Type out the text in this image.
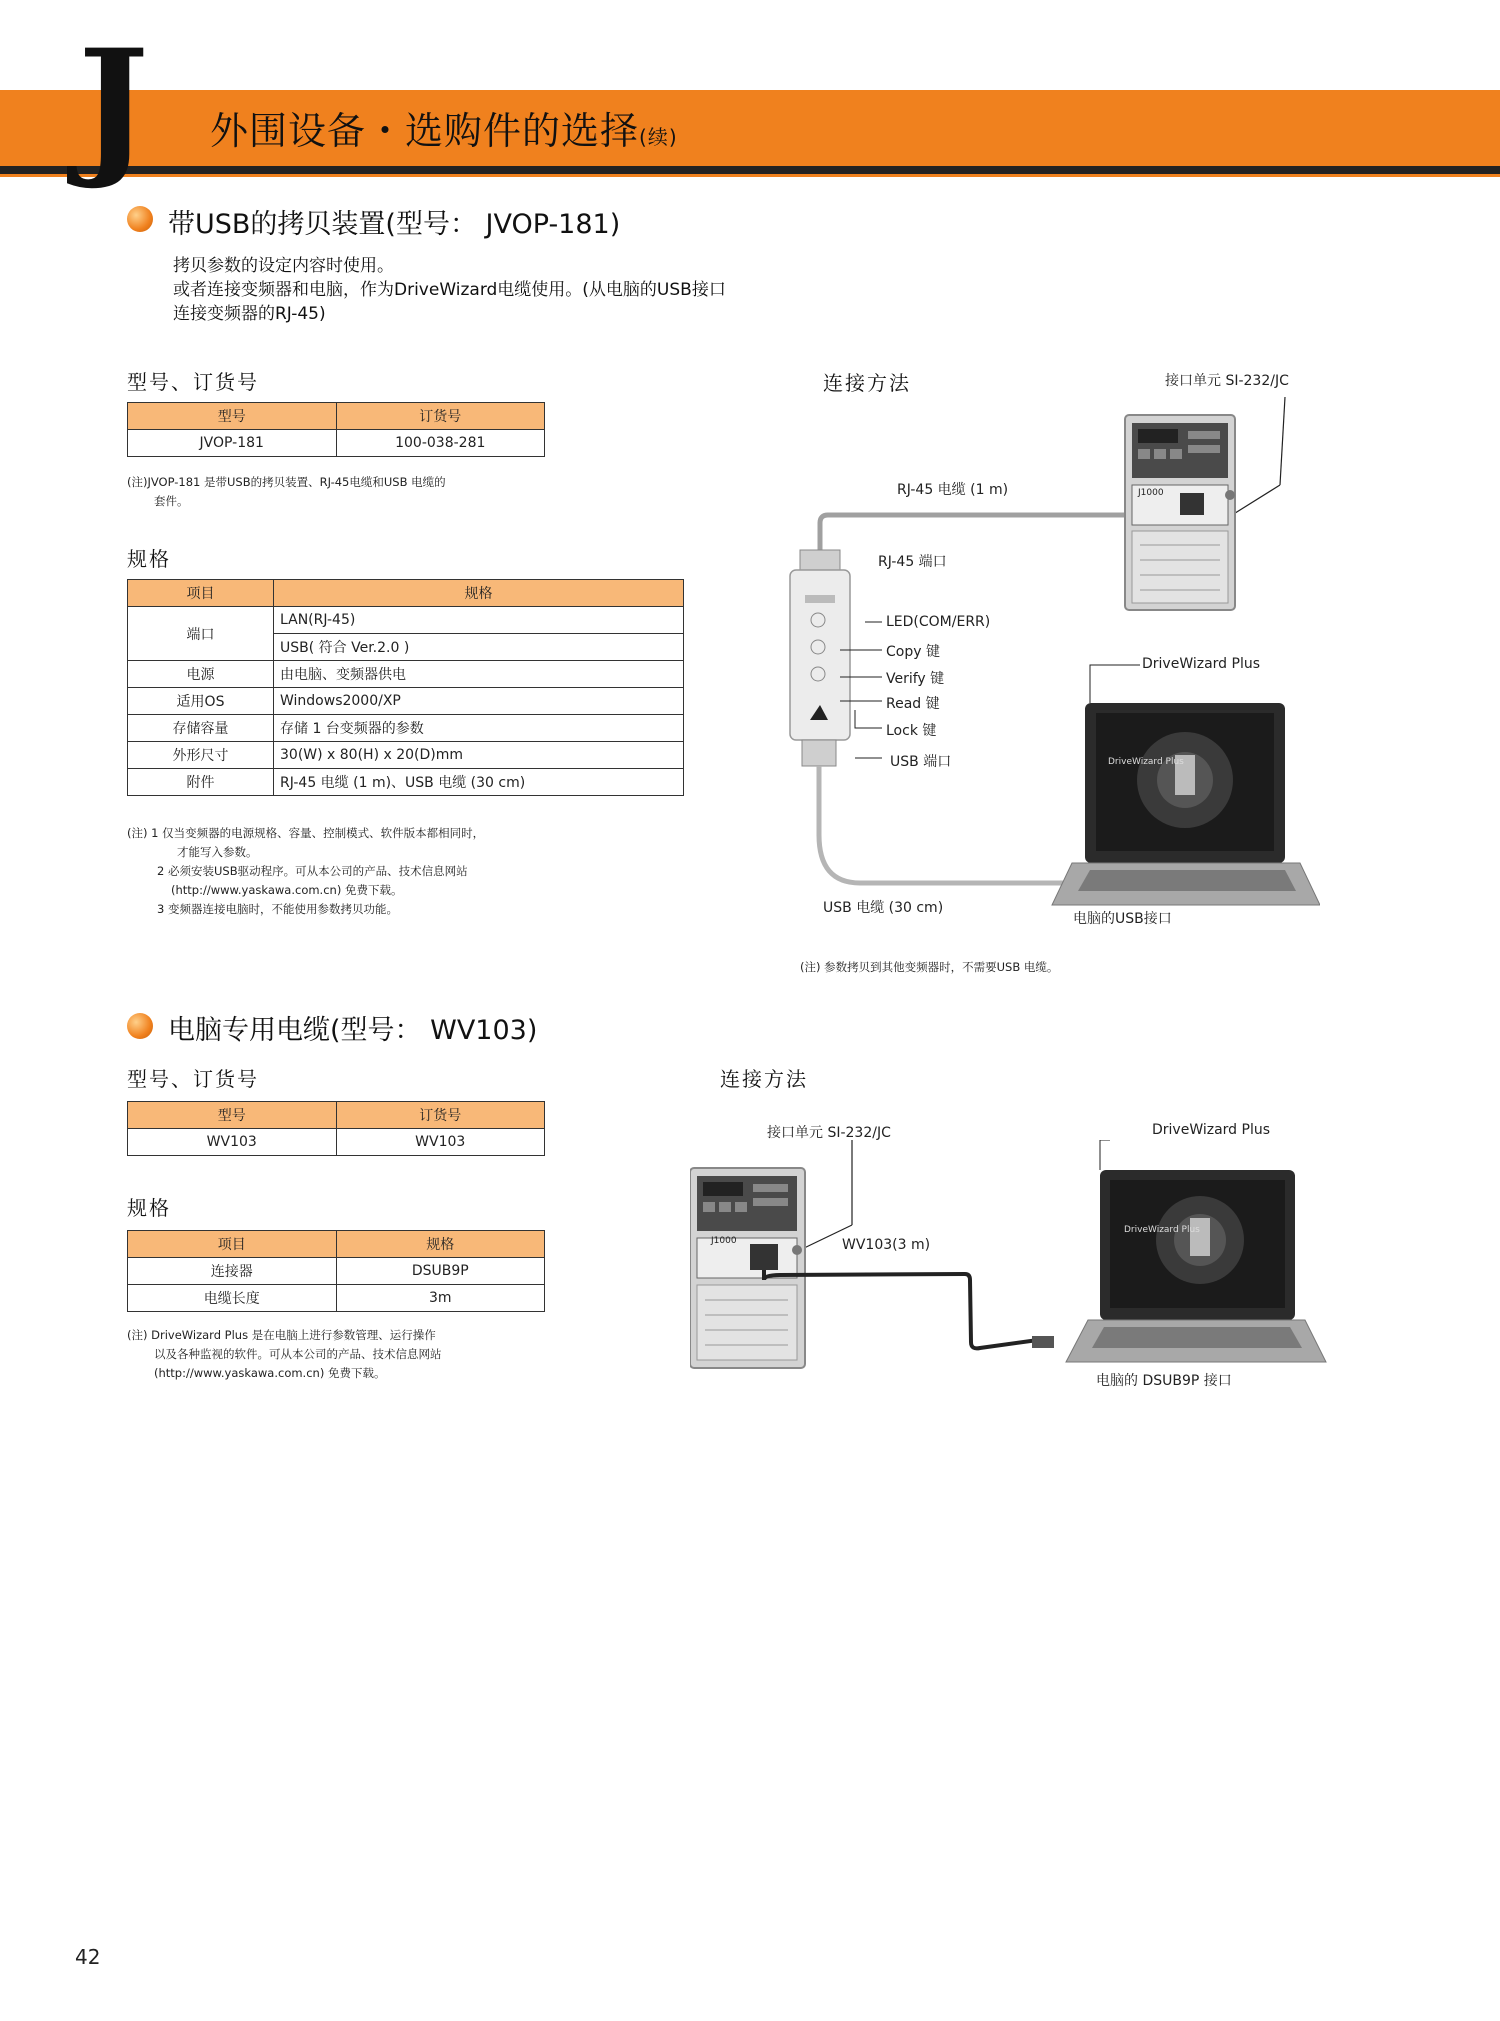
J 外围设备・选购件的选择(续)
带USB的拷贝装置(型号： JVOP-181)
拷贝参数的设定内容时使用。
或者连接变频器和电脑，作为DriveWizard电缆使用。(从电脑的USB接口
连接变频器的RJ-45)
型号、订货号
型号	订货号
JVOP-181	100-038-281
(注)JVOP-181 是带USB的拷贝装置、RJ-45电缆和USB 电缆的
套件。
规格
项目	规格
端口	LAN(RJ-45)
	USB( 符合 Ver.2.0 )
电源	由电脑、变频器供电
适用OS	Windows2000/XP
存储容量	存储 1 台变频器的参数
外形尺寸	30(W) x 80(H) x 20(D)mm
附件	RJ-45 电缆 (1 m)、USB 电缆 (30 cm)
(注) 1 仅当变频器的电源规格、容量、控制模式、软件版本都相同时，
才能写入参数。
2 必须安装USB驱动程序。可从本公司的产品、技术信息网站
(http://www.yaskawa.com.cn) 免费下载。
3 变频器连接电脑时，不能使用参数拷贝功能。
连接方法	接口单元 SI-232/JC
RJ-45 电缆 (1 m)
RJ-45 端口
LED(COM/ERR)
Copy 键
Verify 键
Read 键
Lock 键
USB 端口
DriveWizard Plus
USB 电缆 (30 cm)
电脑的USB接口
J1000
DriveWizard Plus
(注) 参数拷贝到其他变频器时，不需要USB 电缆。
电脑专用电缆(型号： WV103)
型号、订货号
型号	订货号
WV103	WV103
规格
项目	规格
连接器	DSUB9P
电缆长度	3m
(注) DriveWizard Plus 是在电脑上进行参数管理、运行操作
以及各种监视的软件。可从本公司的产品、技术信息网站
(http://www.yaskawa.com.cn) 免费下载。
连接方法
接口单元 SI-232/JC	DriveWizard Plus
WV103(3 m)
电脑的 DSUB9P 接口
J1000
DriveWizard Plus
42
